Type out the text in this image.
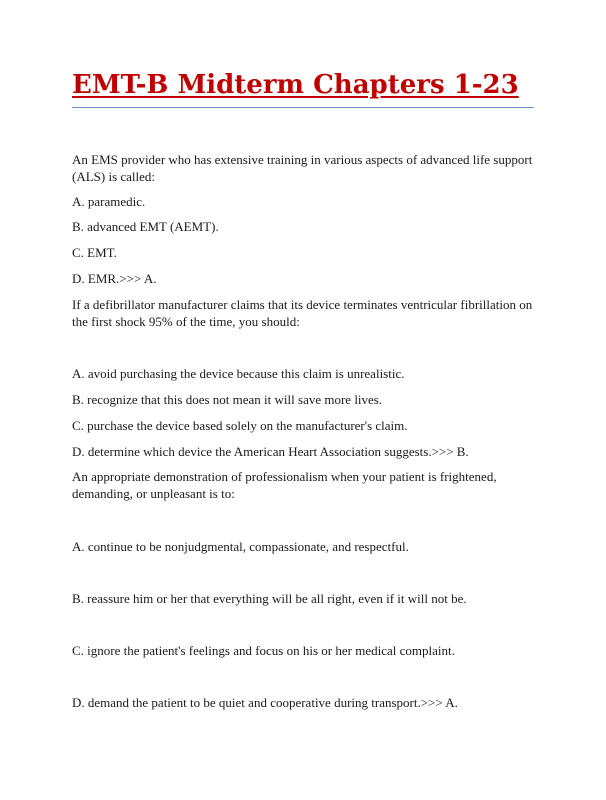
EMT-B Midterm Chapters 1-23

An EMS provider who has extensive training in various aspects of advanced life support (ALS) is called:

A. paramedic.

B. advanced EMT (AEMT).

C. EMT.

D. EMR.>>> A.

If a defibrillator manufacturer claims that its device terminates ventricular fibrillation on the first shock 95% of the time, you should:

A. avoid purchasing the device because this claim is unrealistic.

B. recognize that this does not mean it will save more lives.

C. purchase the device based solely on the manufacturer's claim.

D. determine which device the American Heart Association suggests.>>> B.

An appropriate demonstration of professionalism when your patient is frightened, demanding, or unpleasant is to:

A. continue to be nonjudgmental, compassionate, and respectful.

B. reassure him or her that everything will be all right, even if it will not be.

C. ignore the patient's feelings and focus on his or her medical complaint.

D. demand the patient to be quiet and cooperative during transport.>>> A.
